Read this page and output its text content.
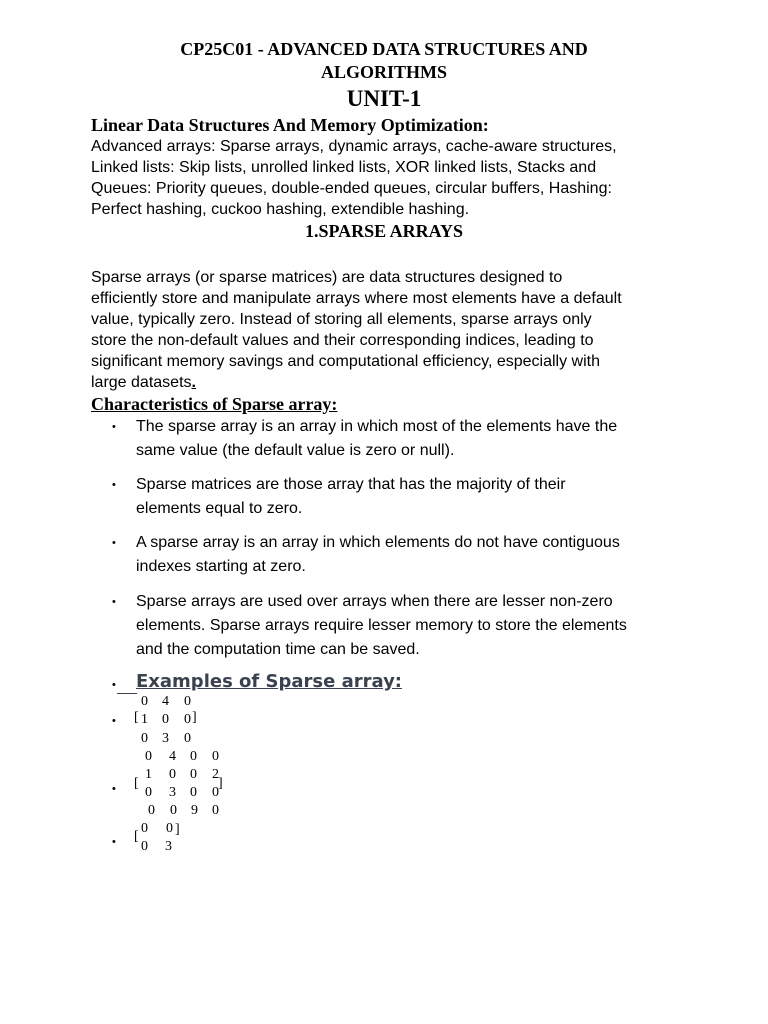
CP25C01 - ADVANCED DATA STRUCTURES AND
ALGORITHMS
UNIT-1
Linear Data Structures And Memory Optimization:
Advanced arrays: Sparse arrays, dynamic arrays, cache-aware structures,
Linked lists: Skip lists, unrolled linked lists, XOR linked lists, Stacks and
Queues: Priority queues, double-ended queues, circular buffers, Hashing:
Perfect hashing, cuckoo hashing, extendible hashing.
1.SPARSE ARRAYS
Sparse arrays (or sparse matrices) are data structures designed to
efficiently store and manipulate arrays where most elements have a default
value, typically zero. Instead of storing all elements, sparse arrays only
store the non-default values and their corresponding indices, leading to
significant memory savings and computational efficiency, especially with
large datasets.
Characteristics of Sparse array:
• The sparse array is an array in which most of the elements have the
same value (the default value is zero or null).
• Sparse matrices are those array that has the majority of their
elements equal to zero.
• A sparse array is an array in which elements do not have contiguous
indexes starting at zero.
• Sparse arrays are used over arrays when there are lesser non-zero
elements. Sparse arrays require lesser memory to store the elements
and the computation time can be saved.
• Examples of Sparse array:
• [	]
0 4 0
1 0 0
0 3 0
• [	]
0 4 0 0
1 0 0 2
0 3 0 0
0 0 9 0
• [	]
0 0
0 3
